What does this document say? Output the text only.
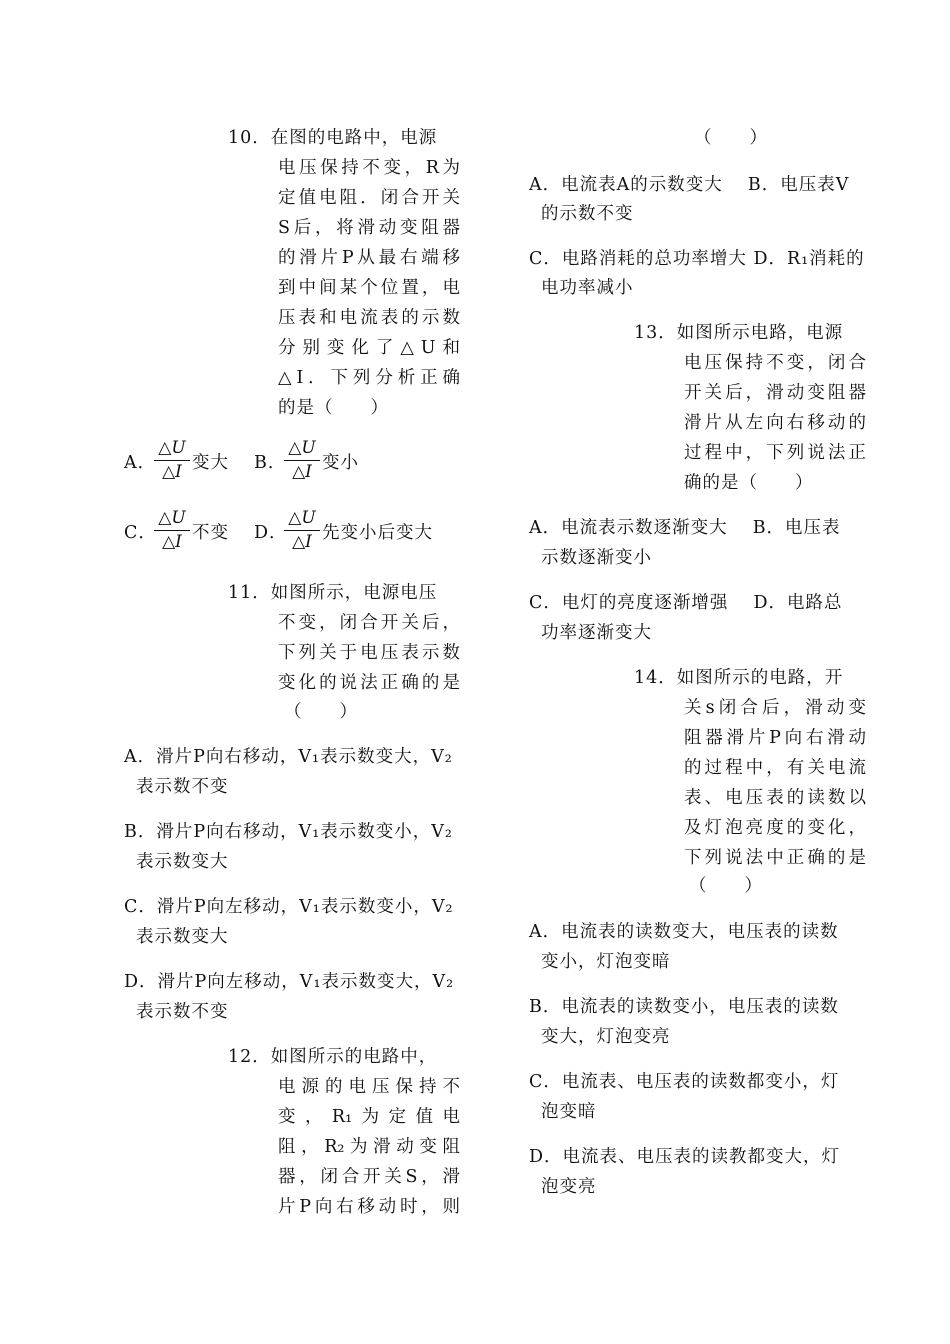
10．在图的电路中，电源
电压保持不变，R为
定值电阻．闭合开关
S后，将滑动变阻器
的滑片P从最右端移
到中间某个位置，电
压表和电流表的示数
分别变化了△U和
△I．下列分析正确
的是（　　）
A．
△U
△I 变大 B．
△U
△I 变小
C．
△U
△I 不变 D．
△U
△I 先变小后变大
11．如图所示，电源电压
不变，闭合开关后，
下列关于电压表示数
变化的说法正确的是
（　　）
A．滑片P向右移动，V₁表示数变大，V₂
表示数不变
B．滑片P向右移动，V₁表示数变小，V₂
表示数变大
C．滑片P向左移动，V₁表示数变小，V₂
表示数变大
D．滑片P向左移动，V₁表示数变大，V₂
表示数不变
12．如图所示的电路中，
电源的电压保持不
变，R₁为定值电
阻，R₂为滑动变阻
器，闭合开关S，滑
片P向右移动时，则
（　　）
A．电流表A的示数变大　 B．电压表V
的示数不变
C．电路消耗的总功率增大 D．R₁消耗的
电功率减小
13．如图所示电路，电源
电压保持不变，闭合
开关后，滑动变阻器
滑片从左向右移动的
过程中，下列说法正
确的是（　　）
A．电流表示数逐渐变大　 B．电压表
示数逐渐变小
C．电灯的亮度逐渐增强　 D．电路总
功率逐渐变大
14．如图所示的电路，开
关s闭合后，滑动变
阻器滑片P向右滑动
的过程中，有关电流
表、电压表的读数以
及灯泡亮度的变化，
下列说法中正确的是
（　　）
A．电流表的读数变大，电压表的读数
变小，灯泡变暗
B．电流表的读数变小，电压表的读数
变大，灯泡变亮
C．电流表、电压表的读数都变小，灯
泡变暗
D．电流表、电压表的读教都变大，灯
泡变亮
